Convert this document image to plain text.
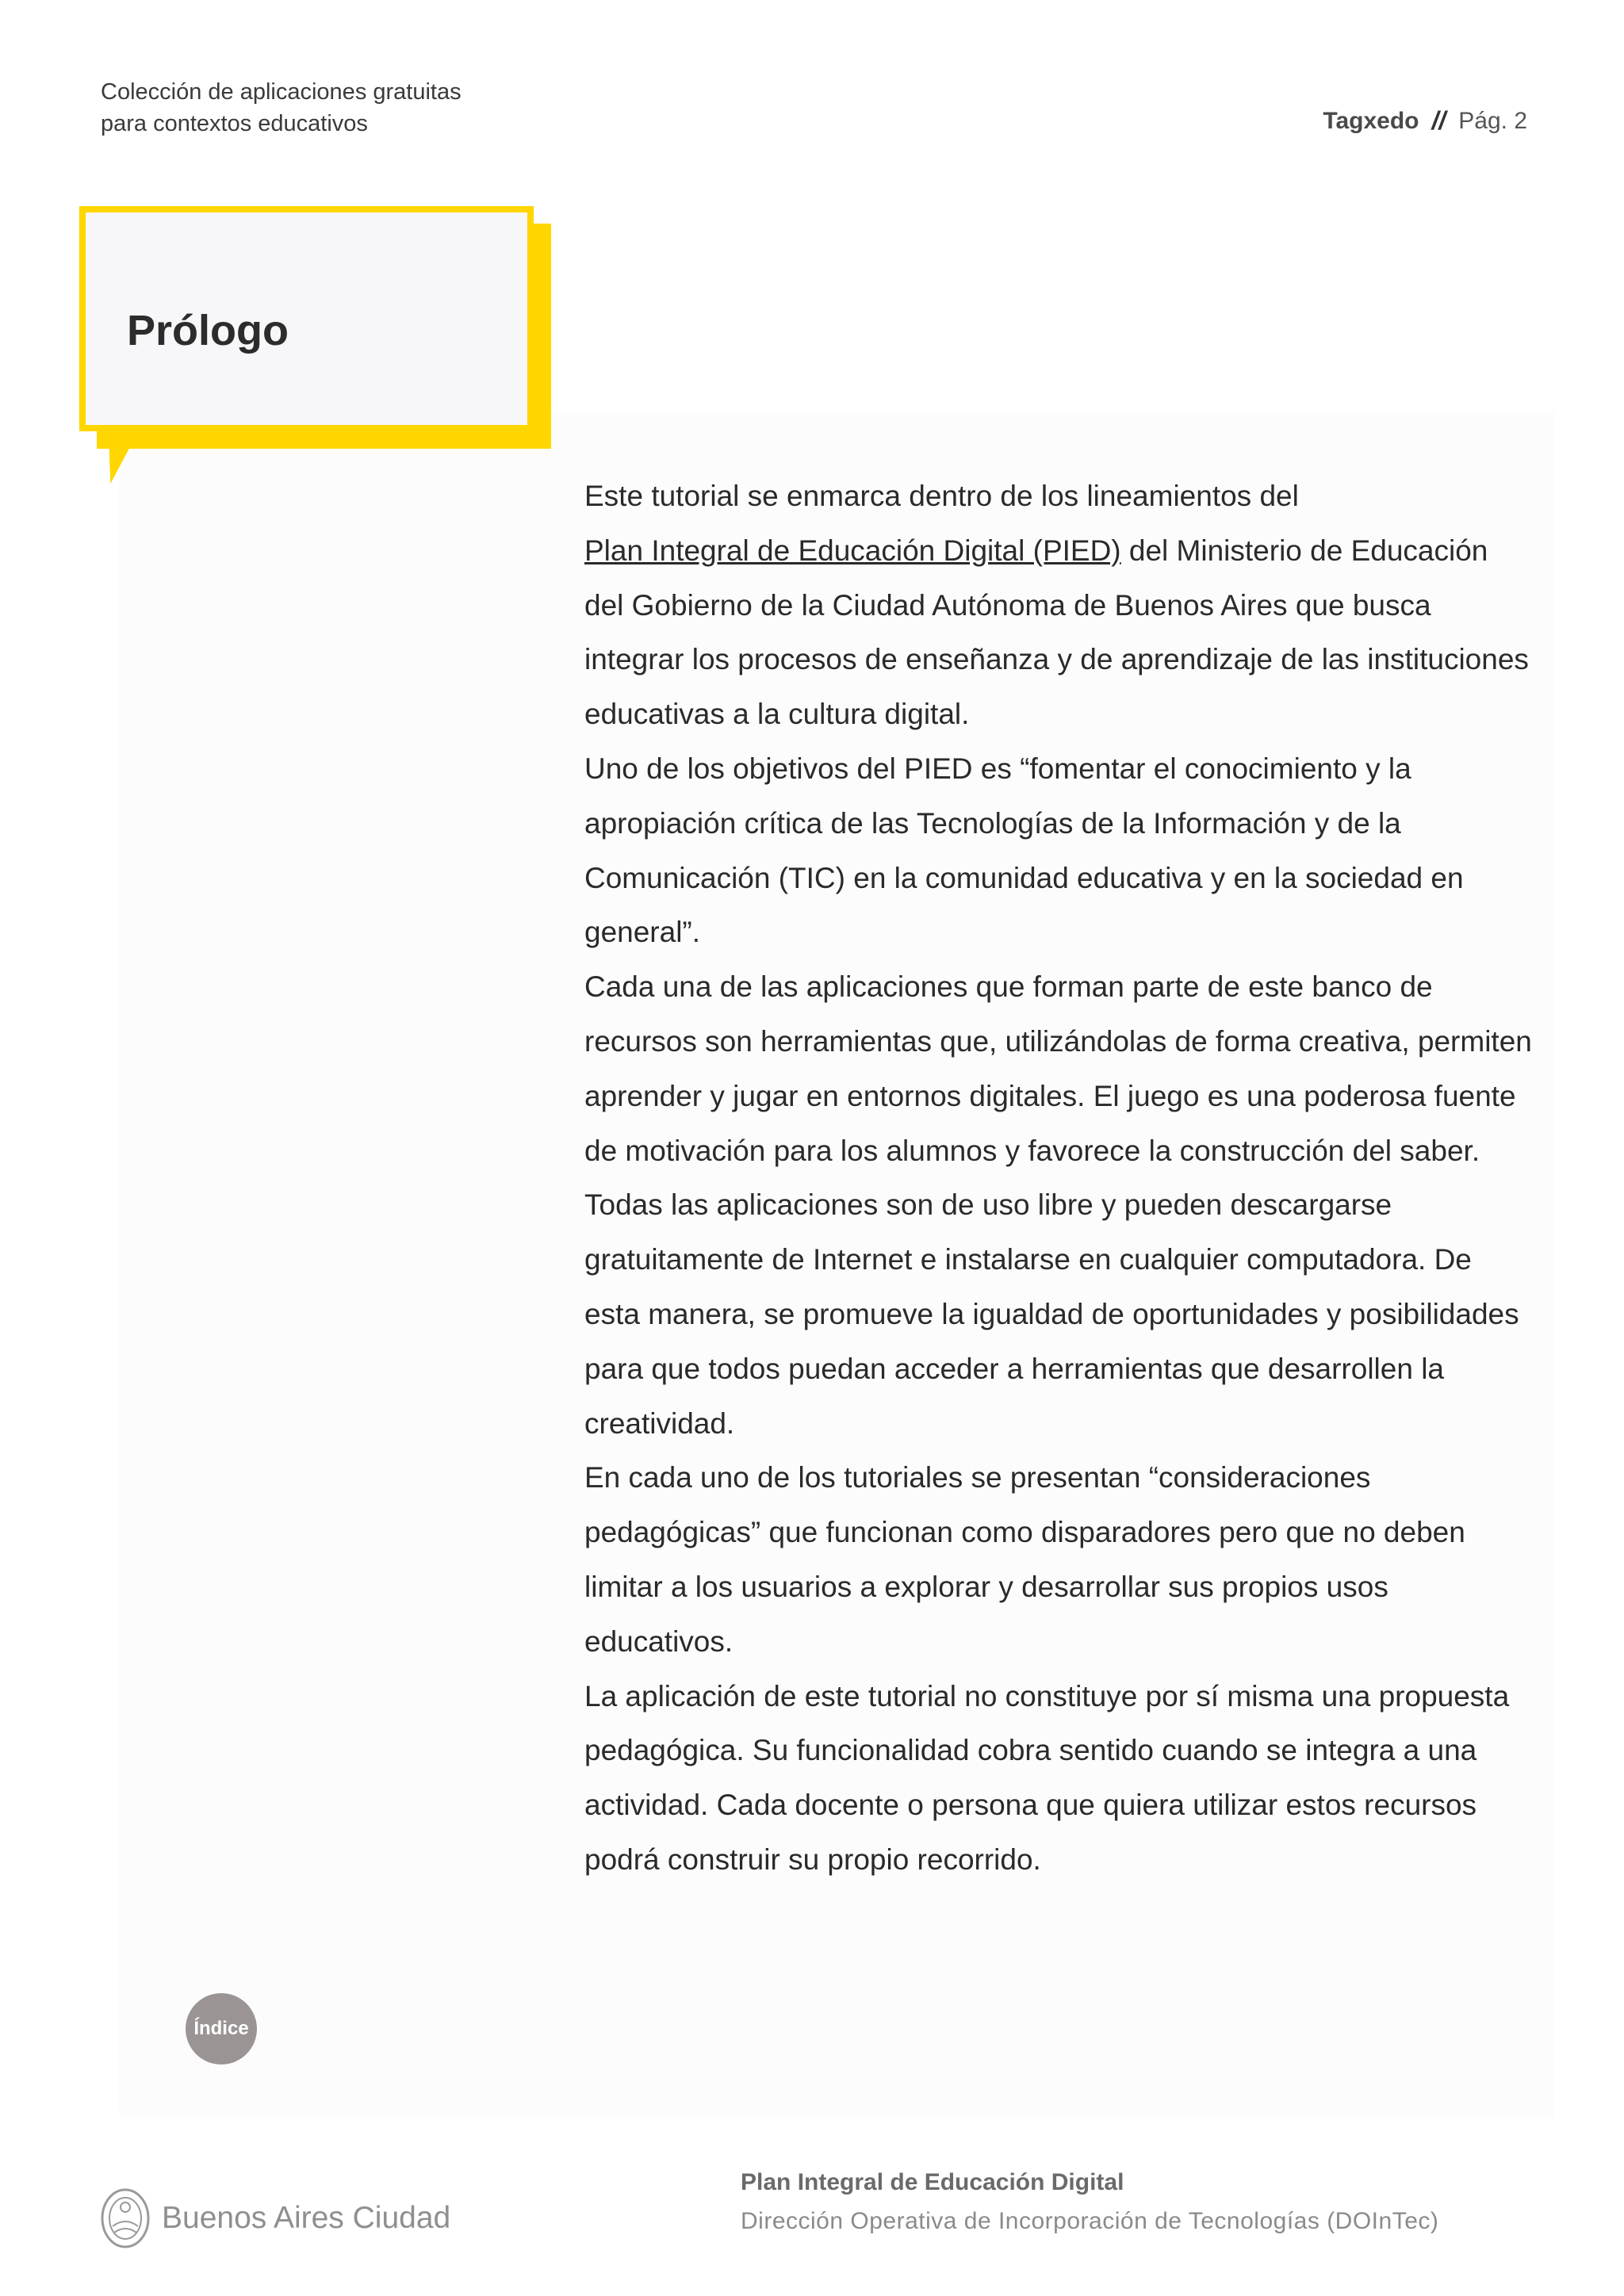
Colección de aplicaciones gratuitas
para contextos educativos	Tagxedo // Pág. 2
Prólogo

Este tutorial se enmarca dentro de los lineamientos del
Plan Integral de Educación Digital (PIED) del Ministerio de Educación del Gobierno de la Ciudad Autónoma de Buenos Aires que busca integrar los procesos de enseñanza y de aprendizaje de las instituciones educativas a la cultura digital.

Uno de los objetivos del PIED es “fomentar el conocimiento y la apropiación crítica de las Tecnologías de la Información y de la Comunicación (TIC) en la comunidad educativa y en la sociedad en general”.

Cada una de las aplicaciones que forman parte de este banco de recursos son herramientas que, utilizándolas de forma creativa, permiten aprender y jugar en entornos digitales. El juego es una poderosa fuente de motivación para los alumnos y favorece la construcción del saber. Todas las aplicaciones son de uso libre y pueden descargarse gratuitamente de Internet e instalarse en cualquier computadora. De esta manera, se promueve la igualdad de oportunidades y posibilidades para que todos puedan acceder a herramientas que desarrollen la creatividad.

En cada uno de los tutoriales se presentan “consideraciones pedagógicas” que funcionan como disparadores pero que no deben limitar a los usuarios a explorar y desarrollar sus propios usos educativos.

La aplicación de este tutorial no constituye por sí misma una propuesta pedagógica. Su funcionalidad cobra sentido cuando se integra a una actividad. Cada docente o persona que quiera utilizar estos recursos podrá construir su propio recorrido.

Índice
Buenos Aires Ciudad
Plan Integral de Educación Digital
Dirección Operativa de Incorporación de Tecnologías (DOInTec)
